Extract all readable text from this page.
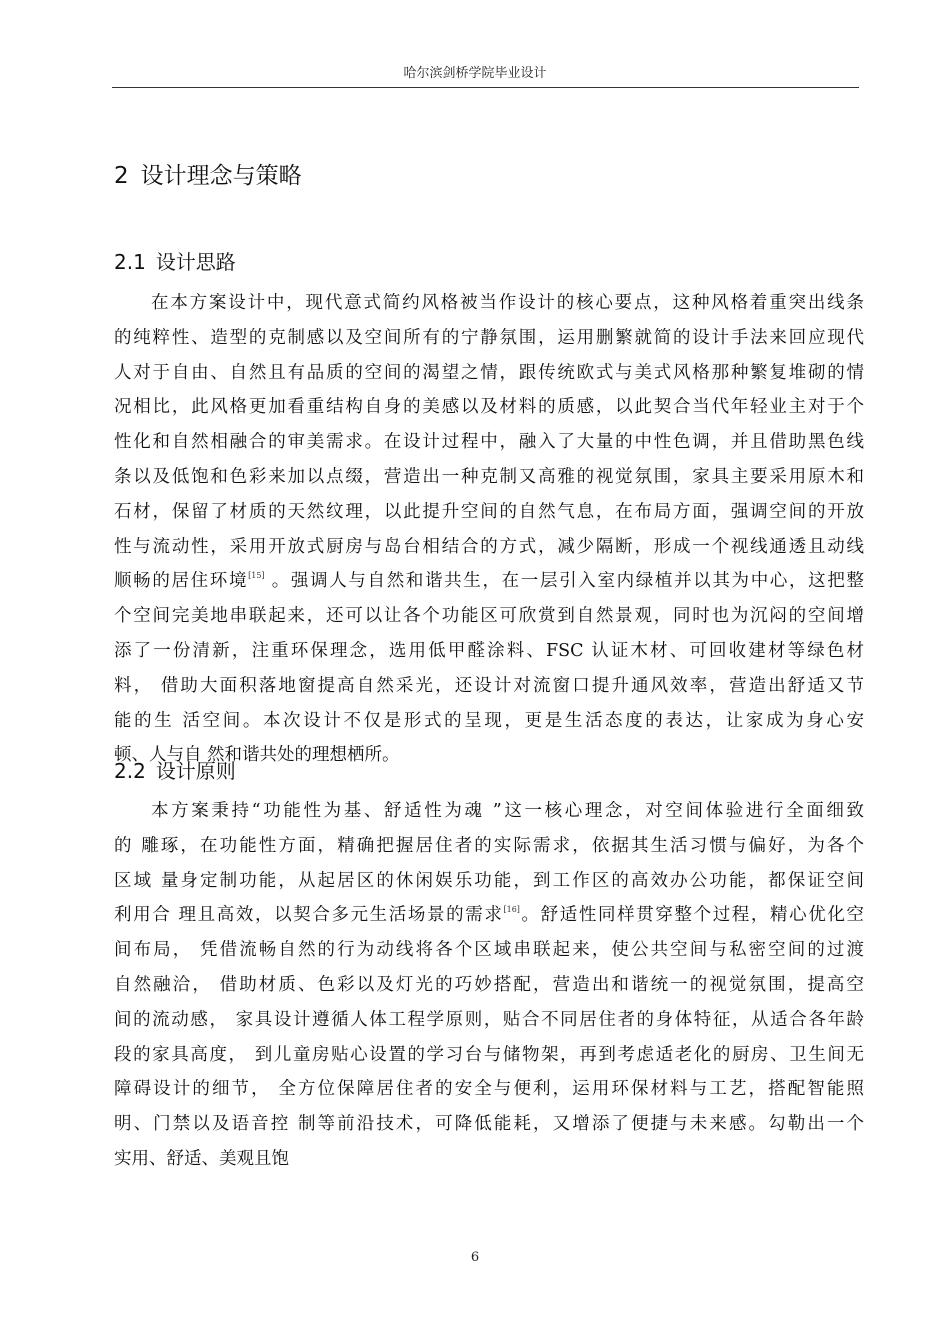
哈尔滨剑桥学院毕业设计
2 设计理念与策略
2.1 设计思路
在本方案设计中，现代意式简约风格被当作设计的核心要点，这种风格着重突出线条
的纯粹性、造型的克制感以及空间所有的宁静氛围，运用删繁就简的设计手法来回应现代
人对于自由、自然且有品质的空间的渴望之情，跟传统欧式与美式风格那种繁复堆砌的情
况相比，此风格更加看重结构自身的美感以及材料的质感，以此契合当代年轻业主对于个
性化和自然相融合的审美需求。在设计过程中，融入了大量的中性色调，并且借助黑色线
条以及低饱和色彩来加以点缀，营造出一种克制又高雅的视觉氛围，家具主要采用原木和
石材，保留了材质的天然纹理，以此提升空间的自然气息，在布局方面，强调空间的开放
性与流动性，采用开放式厨房与岛台相结合的方式，减少隔断，形成一个视线通透且动线
顺畅的居住环境[15] 。强调人与自然和谐共生，在一层引入室内绿植并以其为中心，这把整
个空间完美地串联起来，还可以让各个功能区可欣赏到自然景观，同时也为沉闷的空间增
添了一份清新，注重环保理念，选用低甲醛涂料、FSC 认证木材、可回收建材等绿色材
料， 借助大面积落地窗提高自然采光，还设计对流窗口提升通风效率，营造出舒适又节
能的生 活空间。本次设计不仅是形式的呈现，更是生活态度的表达，让家成为身心安
顿、人与自 然和谐共处的理想栖所。
2.2 设计原则
本方案秉持“功能性为基、舒适性为魂 ”这一核心理念，对空间体验进行全面细致
的 雕琢，在功能性方面，精确把握居住者的实际需求，依据其生活习惯与偏好，为各个
区域 量身定制功能，从起居区的休闲娱乐功能，到工作区的高效办公功能，都保证空间
利用合 理且高效，以契合多元生活场景的需求[16]。舒适性同样贯穿整个过程，精心优化空
间布局， 凭借流畅自然的行为动线将各个区域串联起来，使公共空间与私密空间的过渡
自然融洽， 借助材质、色彩以及灯光的巧妙搭配，营造出和谐统一的视觉氛围，提高空
间的流动感， 家具设计遵循人体工程学原则，贴合不同居住者的身体特征，从适合各年龄
段的家具高度， 到儿童房贴心设置的学习台与储物架，再到考虑适老化的厨房、卫生间无
障碍设计的细节， 全方位保障居住者的安全与便利，运用环保材料与工艺，搭配智能照
明、门禁以及语音控 制等前沿技术，可降低能耗，又增添了便捷与未来感。勾勒出一个
实用、舒适、美观且饱
6
